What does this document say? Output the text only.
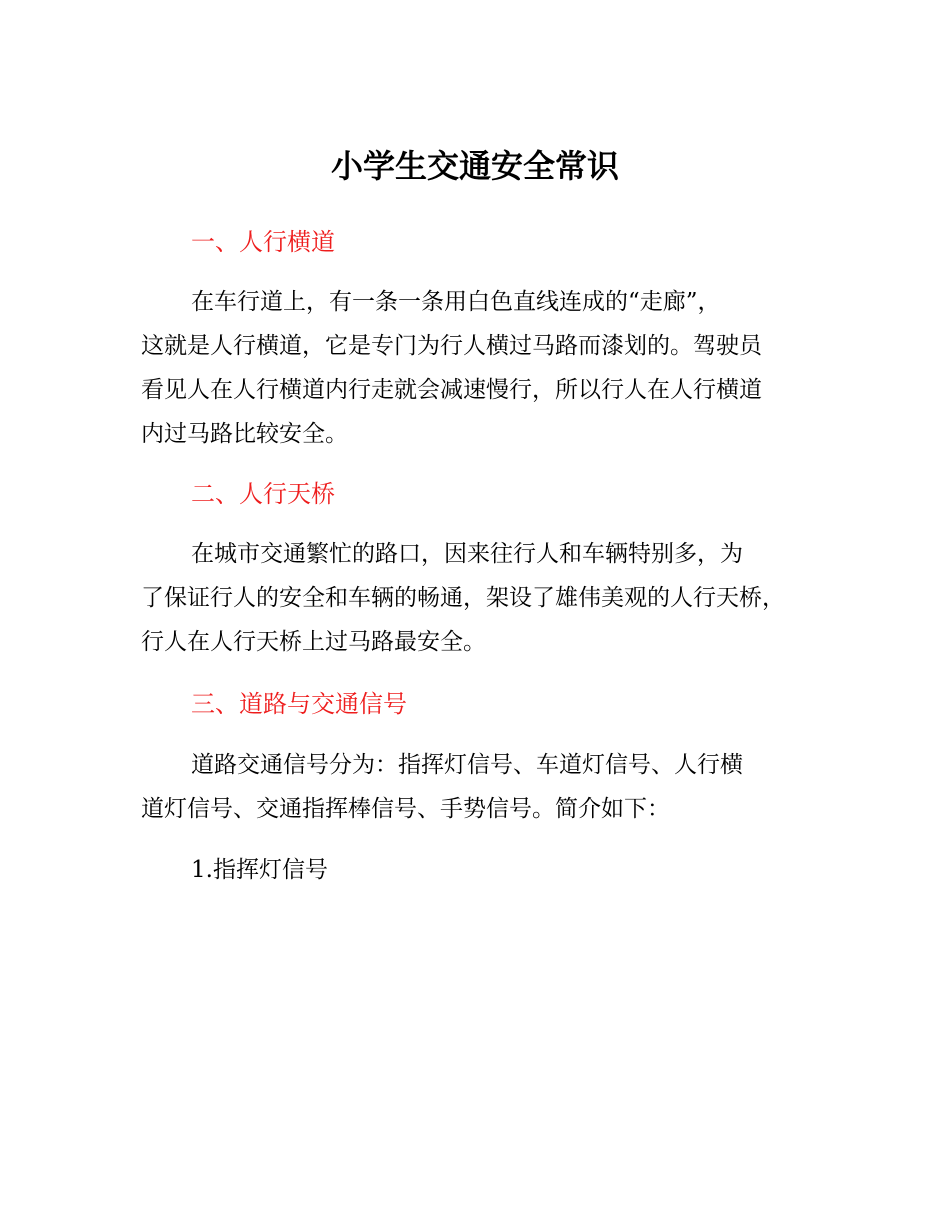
小学生交通安全常识
一、人行横道
在车行道上，有一条一条用白色直线连成的“走廊”，
这就是人行横道，它是专门为行人横过马路而漆划的。驾驶员
看见人在人行横道内行走就会减速慢行，所以行人在人行横道
内过马路比较安全。
二、人行天桥
在城市交通繁忙的路口，因来往行人和车辆特别多，为
了保证行人的安全和车辆的畅通，架设了雄伟美观的人行天桥，
行人在人行天桥上过马路最安全。
三、道路与交通信号
道路交通信号分为：指挥灯信号、车道灯信号、人行横
道灯信号、交通指挥棒信号、手势信号。简介如下：
1.指挥灯信号
